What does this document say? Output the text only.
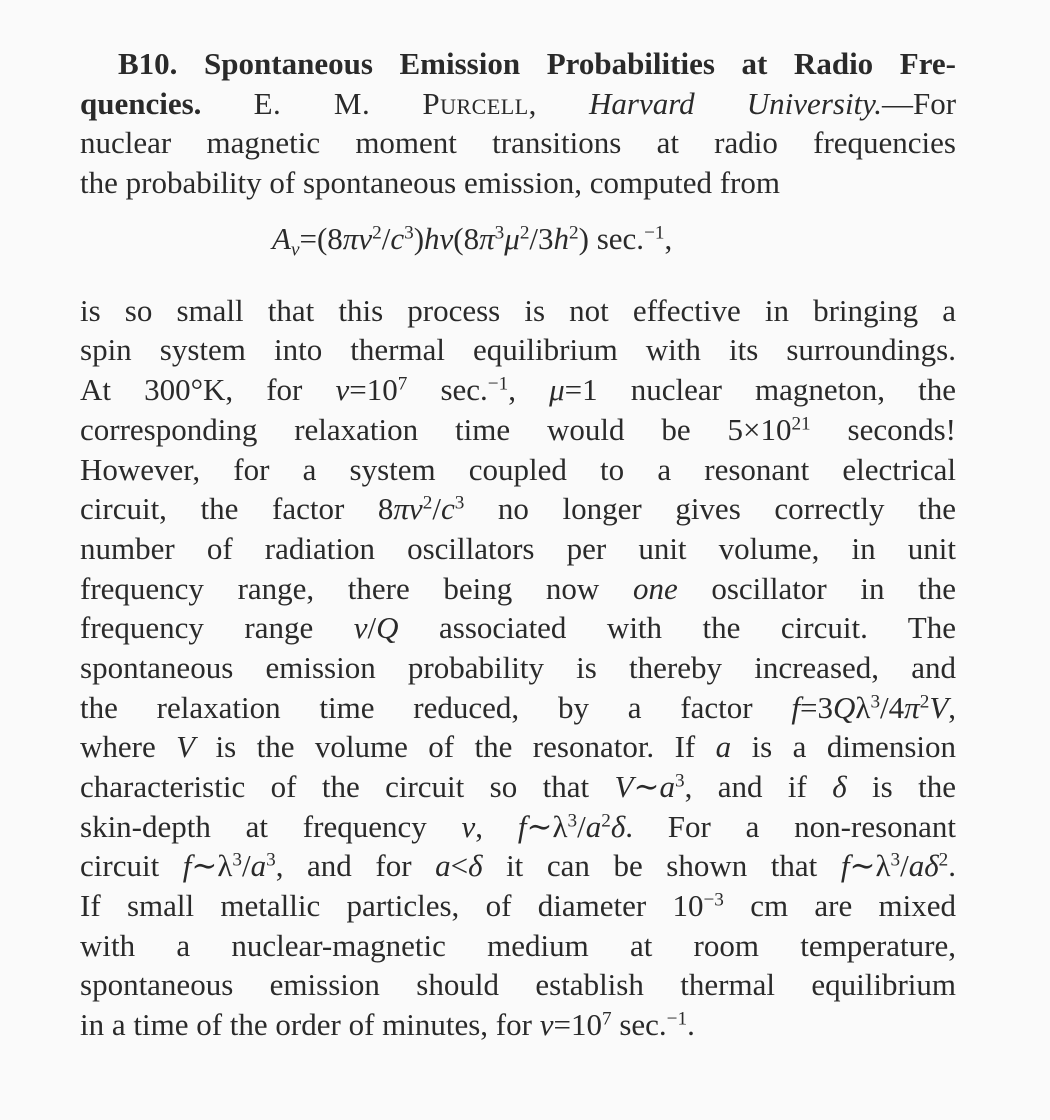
B10. Spontaneous Emission Probabilities at Radio Fre-
quencies. E. M. Purcell, Harvard University.—For
nuclear magnetic moment transitions at radio frequencies
the probability of spontaneous emission, computed from
$A_\nu=(8\pi\nu^2/c^3)h\nu(8\pi^3\mu^2/3h^2)$ sec.$^{-1}$,
is so small that this process is not effective in bringing a
spin system into thermal equilibrium with its surroundings.
At 300°K, for $\nu=10^7$ sec.$^{-1}$, μ=1 nuclear magneton, the
corresponding relaxation time would be $5\times 10^{21}$ seconds!
However, for a system coupled to a resonant electrical
circuit, the factor $8\pi\nu^2/c^3$ no longer gives correctly the
number of radiation oscillators per unit volume, in unit
frequency range, there being now one oscillator in the
frequency range ν/Q associated with the circuit. The
spontaneous emission probability is thereby increased, and
the relaxation time reduced, by a factor $f=3Q\lambda^3/4\pi^2V$,
where V is the volume of the resonator. If a is a dimension
characteristic of the circuit so that $V\sim a^3$, and if δ is the
skin-depth at frequency ν, $f\sim\lambda^3/a^2\delta$. For a non-resonant
circuit $f\sim\lambda^3/a^3$, and for a<δ it can be shown that $f\sim\lambda^3/a\delta^2$.
If small metallic particles, of diameter $10^{-3}$ cm are mixed
with a nuclear-magnetic medium at room temperature,
spontaneous emission should establish thermal equilibrium
in a time of the order of minutes, for $\nu=10^7$ sec.$^{-1}$.
